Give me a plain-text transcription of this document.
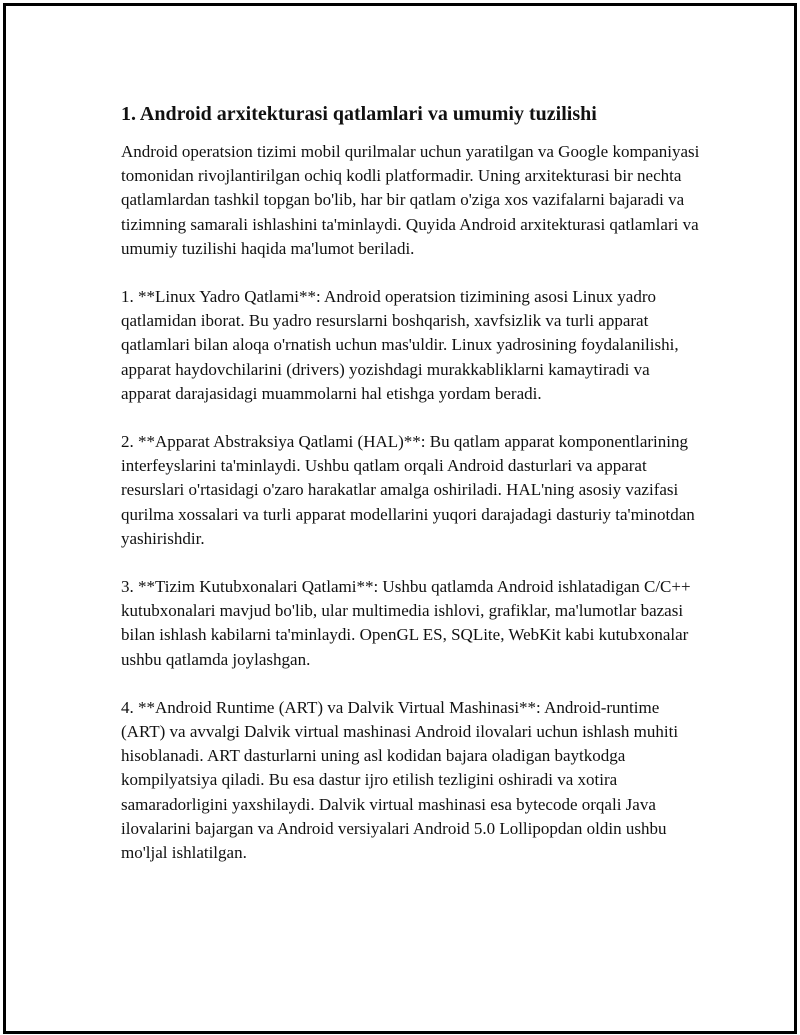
1. Android arxitekturasi qatlamlari va umumiy tuzilishi

Android operatsion tizimi mobil qurilmalar uchun yaratilgan va Google kompaniyasi tomonidan rivojlantirilgan ochiq kodli platformadir. Uning arxitekturasi bir nechta qatlamlardan tashkil topgan bo'lib, har bir qatlam o'ziga xos vazifalarni bajaradi va tizimning samarali ishlashini ta'minlaydi. Quyida Android arxitekturasi qatlamlari va umumiy tuzilishi haqida ma'lumot beriladi.

1. **Linux Yadro Qatlami**: Android operatsion tizimining asosi Linux yadro qatlamidan iborat. Bu yadro resurslarni boshqarish, xavfsizlik va turli apparat qatlamlari bilan aloqa o'rnatish uchun mas'uldir. Linux yadrosining foydalanilishi, apparat haydovchilarini (drivers) yozishdagi murakkabliklarni kamaytiradi va apparat darajasidagi muammolarni hal etishga yordam beradi.

2. **Apparat Abstraksiya Qatlami (HAL)**: Bu qatlam apparat komponentlarining interfeyslarini ta'minlaydi. Ushbu qatlam orqali Android dasturlari va apparat resurslari o'rtasidagi o'zaro harakatlar amalga oshiriladi. HAL'ning asosiy vazifasi qurilma xossalari va turli apparat modellarini yuqori darajadagi dasturiy ta'minotdan yashirishdir.

3. **Tizim Kutubxonalari Qatlami**: Ushbu qatlamda Android ishlatadigan C/C++ kutubxonalari mavjud bo'lib, ular multimedia ishlovi, grafiklar, ma'lumotlar bazasi bilan ishlash kabilarni ta'minlaydi. OpenGL ES, SQLite, WebKit kabi kutubxonalar ushbu qatlamda joylashgan.

4. **Android Runtime (ART) va Dalvik Virtual Mashinasi**: Android-runtime (ART) va avvalgi Dalvik virtual mashinasi Android ilovalari uchun ishlash muhiti hisoblanadi. ART dasturlarni uning asl kodidan bajara oladigan baytkodga kompilyatsiya qiladi. Bu esa dastur ijro etilish tezligini oshiradi va xotira samaradorligini yaxshilaydi. Dalvik virtual mashinasi esa bytecode orqali Java ilovalarini bajargan va Android versiyalari Android 5.0 Lollipopdan oldin ushbu mo'ljal ishlatilgan.
